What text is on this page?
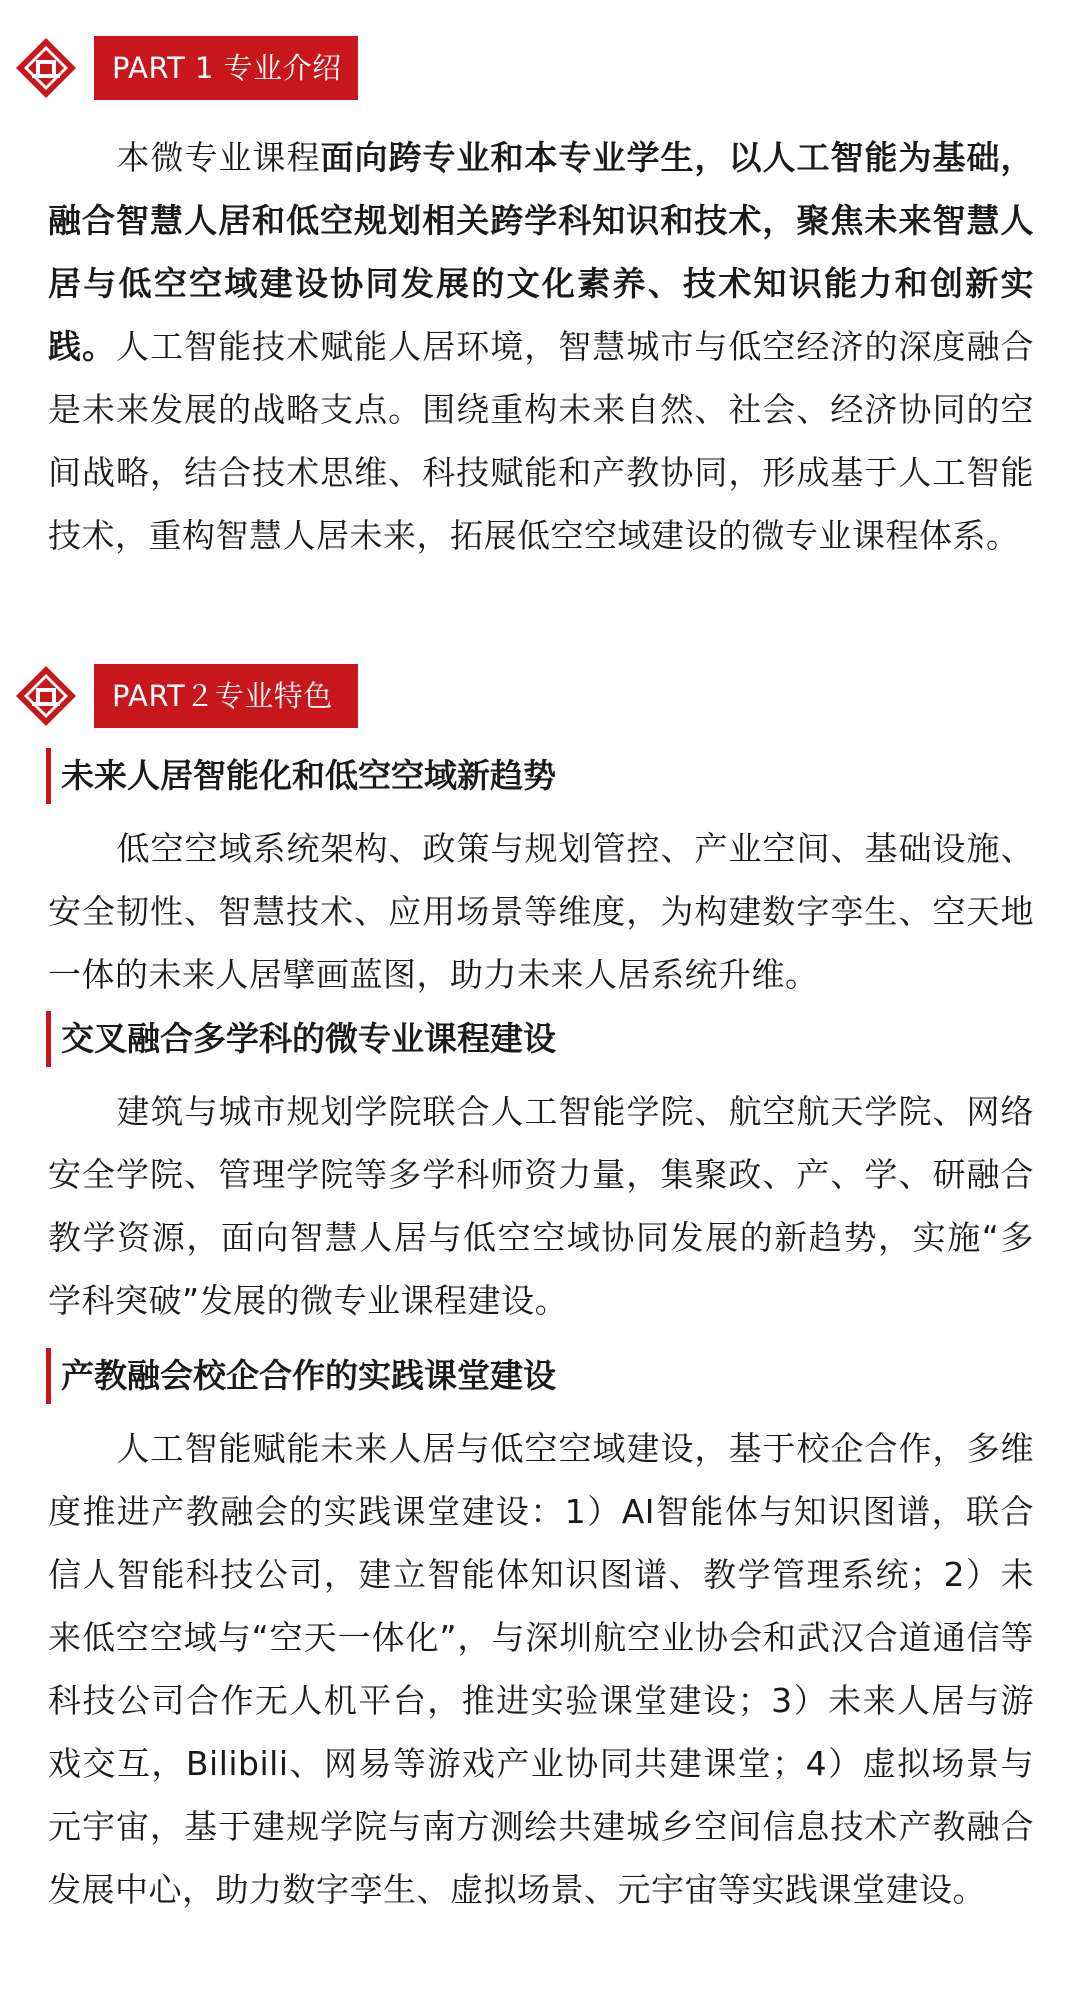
PART 1 专业介绍

本微专业课程面向跨专业和本专业学生，以人工智能为基础，融合智慧人居和低空规划相关跨学科知识和技术，聚焦未来智慧人居与低空空域建设协同发展的文化素养、技术知识能力和创新实践。人工智能技术赋能人居环境，智慧城市与低空经济的深度融合是未来发展的战略支点。围绕重构未来自然、社会、经济协同的空间战略，结合技术思维、科技赋能和产教协同，形成基于人工智能技术，重构智慧人居未来，拓展低空空域建设的微专业课程体系。

PART２专业特色
未来人居智能化和低空空域新趋势

低空空域系统架构、政策与规划管控、产业空间、基础设施、安全韧性、智慧技术、应用场景等维度，为构建数字孪生、空天地一体的未来人居擘画蓝图，助力未来人居系统升维。

交叉融合多学科的微专业课程建设

建筑与城市规划学院联合人工智能学院、航空航天学院、网络安全学院、管理学院等多学科师资力量，集聚政、产、学、研融合教学资源，面向智慧人居与低空空域协同发展的新趋势，实施“多学科突破”发展的微专业课程建设。

产教融会校企合作的实践课堂建设

人工智能赋能未来人居与低空空域建设，基于校企合作，多维度推进产教融会的实践课堂建设：1）AI智能体与知识图谱，联合信人智能科技公司，建立智能体知识图谱、教学管理系统；2）未来低空空域与“空天一体化”，与深圳航空业协会和武汉合道通信等科技公司合作无人机平台，推进实验课堂建设；3）未来人居与游戏交互，Bilibili、网易等游戏产业协同共建课堂；4）虚拟场景与元宇宙，基于建规学院与南方测绘共建城乡空间信息技术产教融合发展中心，助力数字孪生、虚拟场景、元宇宙等实践课堂建设。
